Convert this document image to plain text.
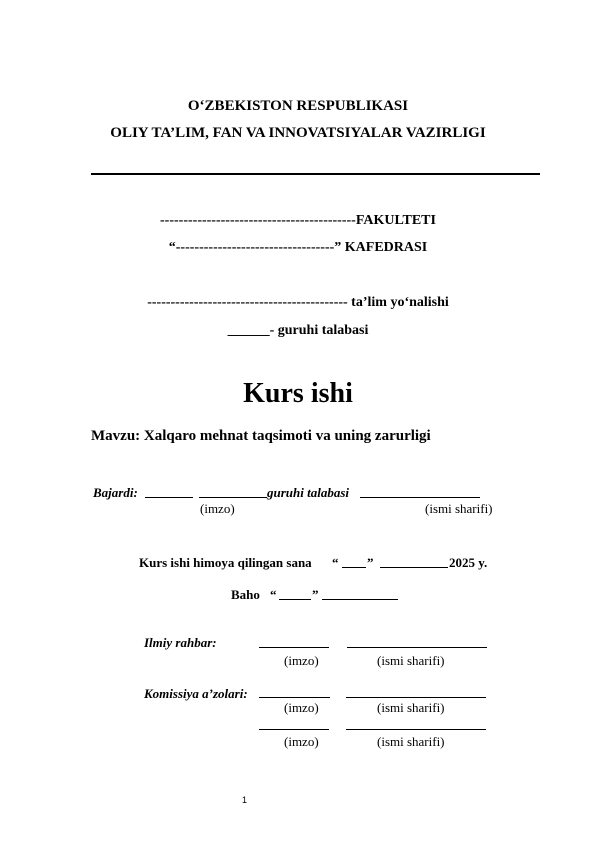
O‘ZBEKISTON RESPUBLIKASI
OLIY TA’LIM, FAN VA INNOVATSIYALAR VAZIRLIGI
------------------------------------------FAKULTETI
“----------------------------------” KAFEDRASI
------------------------------------------- ta’lim yo‘nalishi
______- guruhi talabasi
Kurs ishi
Mavzu: Xalqaro mehnat taqsimoti va uning zarurligi
Bajardi:	guruhi talabasi
(imzo)	(ismi sharifi)
Kurs ishi himoya qilingan sana “ ”	2025 y.
Baho “	”
Ilmiy rahbar:
(imzo)	(ismi sharifi)
Komissiya a’zolari:
(imzo)	(ismi sharifi)
(imzo)	(ismi sharifi)
1
